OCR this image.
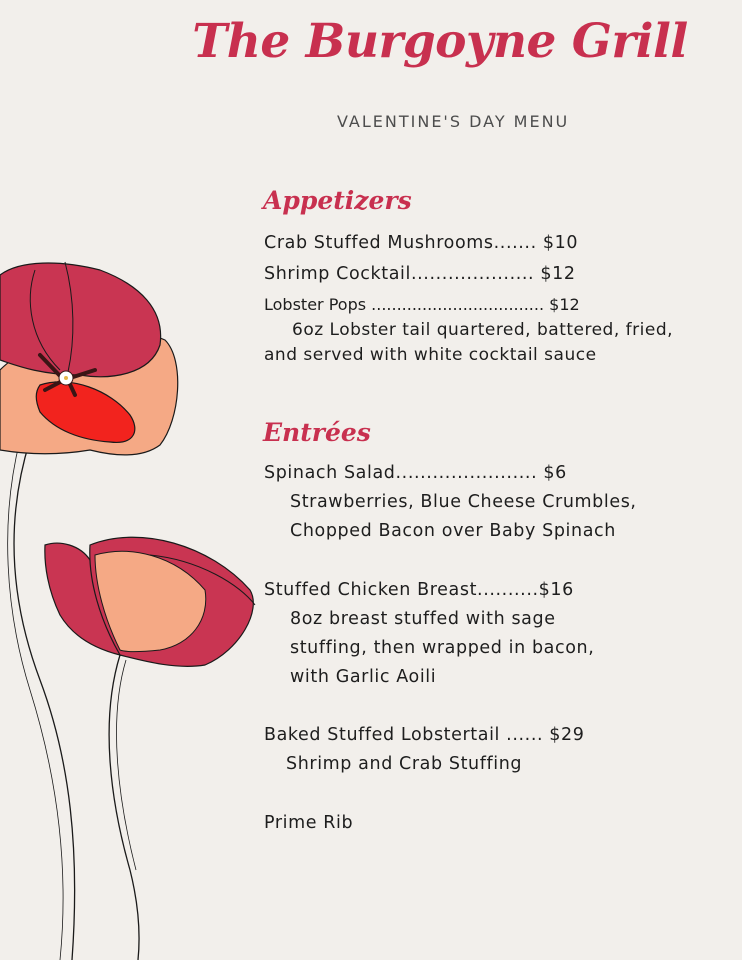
The Burgoyne Grill
VALENTINE'S DAY MENU
Appetizers
Crab Stuffed Mushrooms....... $10
Shrimp Cocktail.................... $12
Lobster Pops .................................. $12
6oz Lobster tail quartered, battered, fried, and served with white cocktail sauce
Entrées
Spinach Salad....................... $6
Strawberries, Blue Cheese Crumbles,
Chopped Bacon over Baby Spinach
Stuffed Chicken Breast..........$16
8oz breast stuffed with sage
stuffing, then wrapped in bacon,
with Garlic Aoili
Baked Stuffed Lobstertail ...... $29
Shrimp and Crab Stuffing
Prime Rib
